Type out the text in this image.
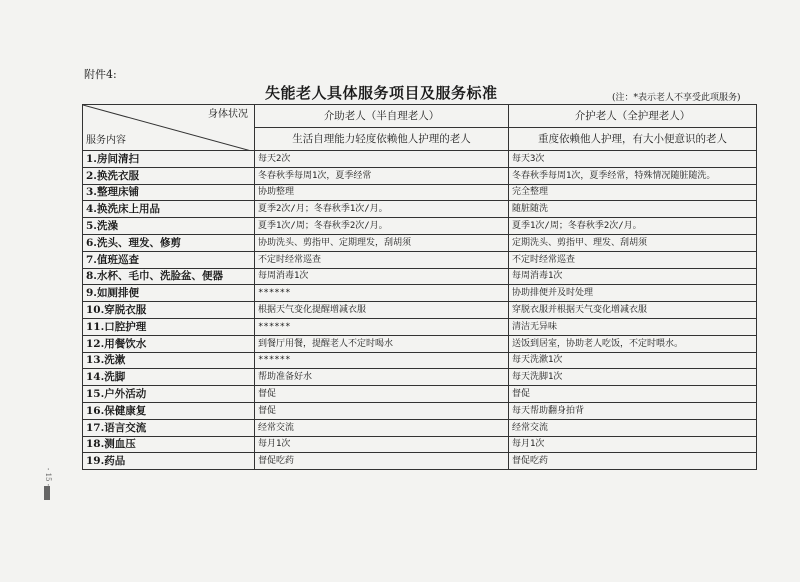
附件4:
失能老人具体服务项目及服务标准	(注：*表示老人不享受此项服务)
身体状况
服务内容	介助老人（半自理老人）	介护老人（全护理老人）
	生活自理能力轻度依赖他人护理的老人	重度依赖他人护理，有大小便意识的老人
1.房间清扫	每天2次	每天3次
2.换洗衣服	冬春秋季每周1次，夏季经常	冬春秋季每周1次，夏季经常，特殊情况随脏随洗。
3.整理床铺	协助整理	完全整理
4.换洗床上用品	夏季2次/月；冬春秋季1次/月。	随脏随洗
5.洗澡	夏季1次/周；冬春秋季2次/月。	夏季1次/周；冬春秋季2次/月。
6.洗头、理发、修剪	协助洗头、剪指甲、定期理发，刮胡须	定期洗头、剪指甲、理发、刮胡须
7.值班巡查	不定时经常巡查	不定时经常巡查
8.水杯、毛巾、洗脸盆、便器	每周消毒1次	每周消毒1次
9.如厕排便	******	协助排便并及时处理
10.穿脱衣服	根据天气变化提醒增减衣服	穿脱衣服并根据天气变化增减衣服
11.口腔护理	******	清洁无异味
12.用餐饮水	到餐厅用餐，提醒老人不定时喝水	送饭到居室，协助老人吃饭，不定时喂水。
13.洗漱	******	每天洗漱1次
14.洗脚	帮助准备好水	每天洗脚1次
15.户外活动	督促	督促
16.保健康复	督促	每天帮助翻身拍背
17.语言交流	经常交流	经常交流
18.测血压	每月1次	每月1次
19.药品	督促吃药	督促吃药
- 15 -
